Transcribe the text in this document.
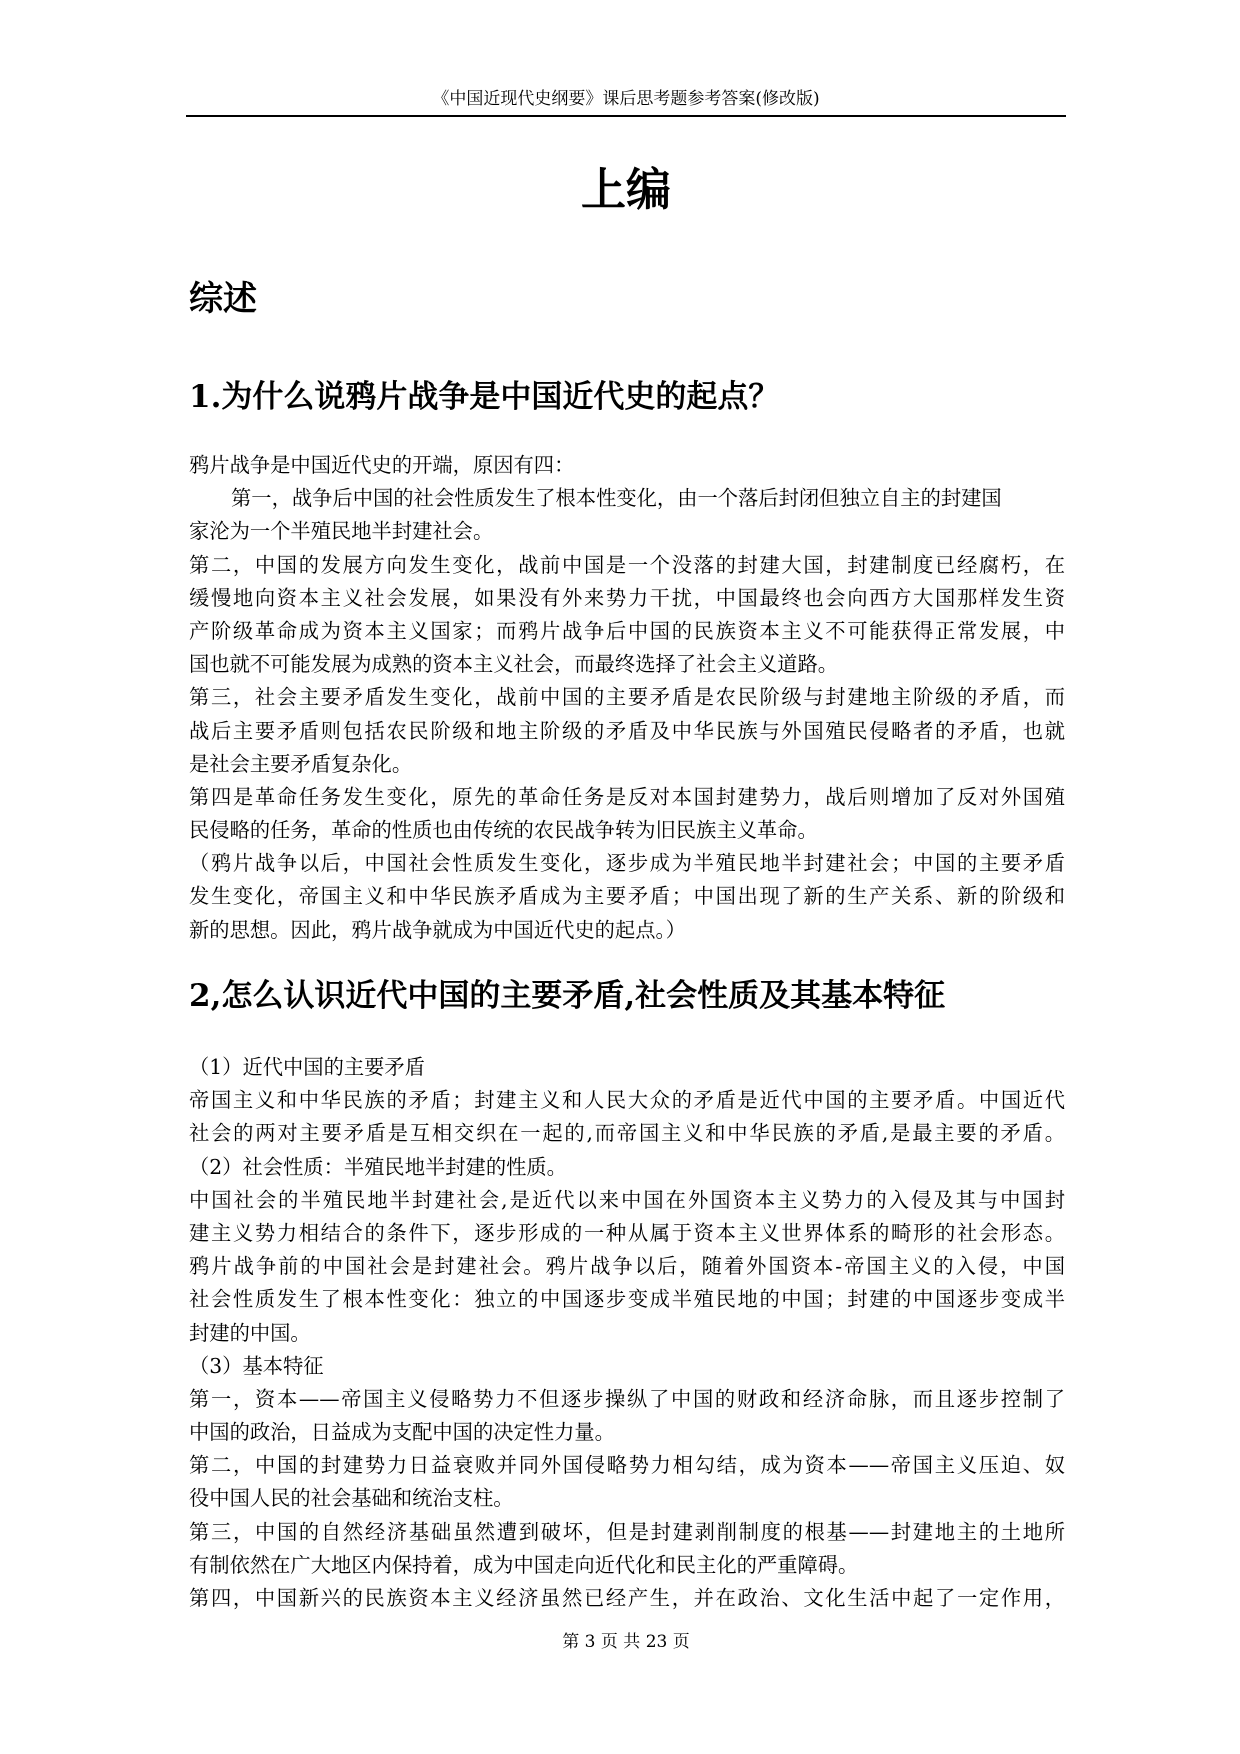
《中国近现代史纲要》课后思考题参考答案(修改版)
上编
综述
1.为什么说鸦片战争是中国近代史的起点？
鸦片战争是中国近代史的开端，原因有四：
第一，战争后中国的社会性质发生了根本性变化，由一个落后封闭但独立自主的封建国
家沦为一个半殖民地半封建社会。
第二，中国的发展方向发生变化，战前中国是一个没落的封建大国，封建制度已经腐朽，在
缓慢地向资本主义社会发展，如果没有外来势力干扰，中国最终也会向西方大国那样发生资
产阶级革命成为资本主义国家；而鸦片战争后中国的民族资本主义不可能获得正常发展，中
国也就不可能发展为成熟的资本主义社会，而最终选择了社会主义道路。
第三，社会主要矛盾发生变化，战前中国的主要矛盾是农民阶级与封建地主阶级的矛盾，而
战后主要矛盾则包括农民阶级和地主阶级的矛盾及中华民族与外国殖民侵略者的矛盾，也就
是社会主要矛盾复杂化。
第四是革命任务发生变化，原先的革命任务是反对本国封建势力，战后则增加了反对外国殖
民侵略的任务，革命的性质也由传统的农民战争转为旧民族主义革命。
（鸦片战争以后，中国社会性质发生变化，逐步成为半殖民地半封建社会；中国的主要矛盾
发生变化，帝国主义和中华民族矛盾成为主要矛盾；中国出现了新的生产关系、新的阶级和
新的思想。因此，鸦片战争就成为中国近代史的起点。）
2,怎么认识近代中国的主要矛盾,社会性质及其基本特征
（1）近代中国的主要矛盾
帝国主义和中华民族的矛盾；封建主义和人民大众的矛盾是近代中国的主要矛盾。中国近代
社会的两对主要矛盾是互相交织在一起的,而帝国主义和中华民族的矛盾,是最主要的矛盾。
（2）社会性质：半殖民地半封建的性质。
中国社会的半殖民地半封建社会,是近代以来中国在外国资本主义势力的入侵及其与中国封
建主义势力相结合的条件下，逐步形成的一种从属于资本主义世界体系的畸形的社会形态。
鸦片战争前的中国社会是封建社会。鸦片战争以后，随着外国资本-帝国主义的入侵，中国
社会性质发生了根本性变化：独立的中国逐步变成半殖民地的中国；封建的中国逐步变成半
封建的中国。
（3）基本特征
第一，资本——帝国主义侵略势力不但逐步操纵了中国的财政和经济命脉，而且逐步控制了
中国的政治，日益成为支配中国的决定性力量。
第二，中国的封建势力日益衰败并同外国侵略势力相勾结，成为资本——帝国主义压迫、奴
役中国人民的社会基础和统治支柱。
第三，中国的自然经济基础虽然遭到破坏，但是封建剥削制度的根基——封建地主的土地所
有制依然在广大地区内保持着，成为中国走向近代化和民主化的严重障碍。
第四，中国新兴的民族资本主义经济虽然已经产生，并在政治、文化生活中起了一定作用，
第 3 页 共 23 页
